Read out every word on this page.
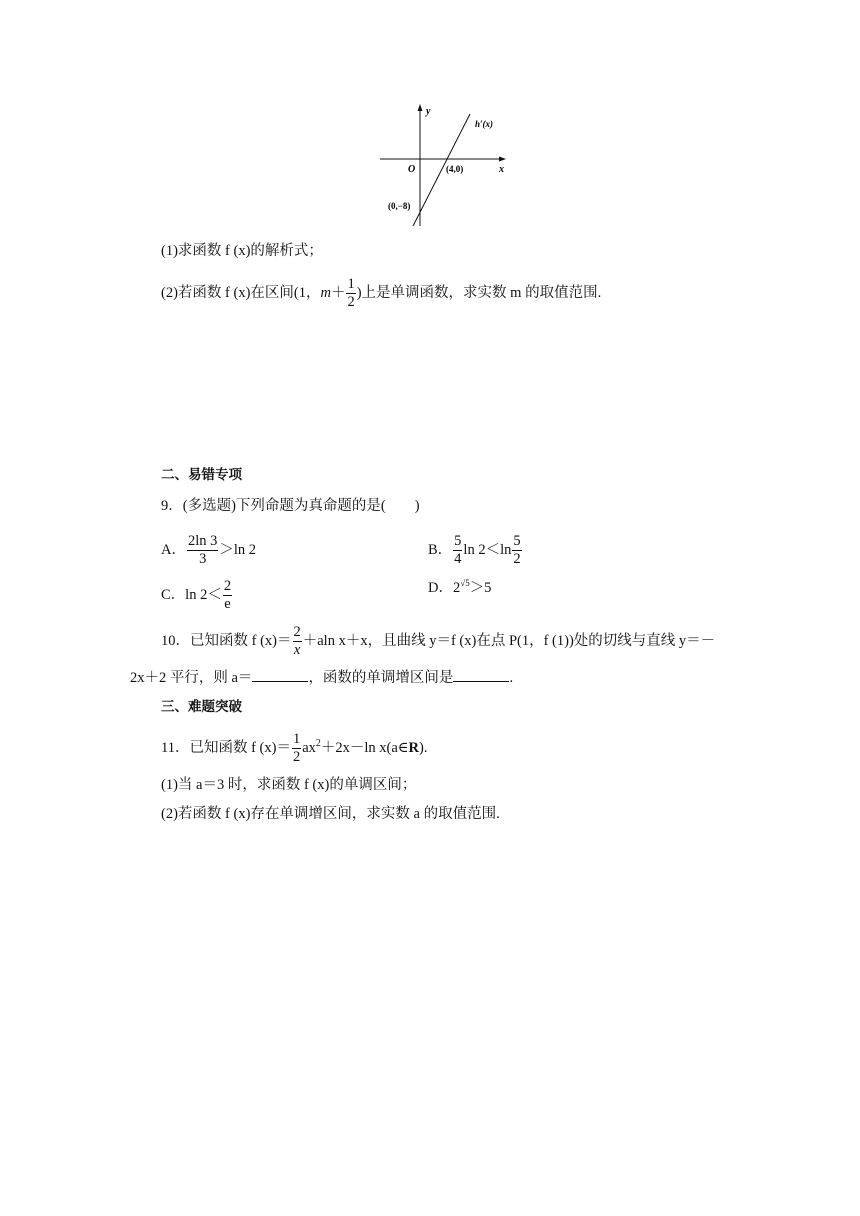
y
x
O
h′(x)
(4,0)
(0,−8)
(1)求函数 f (x)的解析式；
(2)若函数 f (x)在区间(1，$m+ \frac{1}{2}$ )上是单调函数，求实数 m 的取值范围.
二、易错专项
9．(多选题)下列命题为真命题的是(　　)
A． $\frac{2\ln 3}{3} >\ln$ 2	B． $\frac{5}{4}$ $\ln 2<\ln \frac{5}{2}$
C．$\ln 2< \frac{2}{e}$	D．$2^{√5}>5$
10．已知函数 f $(x)= \frac{2}{x} +aln$ x＋x，且曲线 y＝f (x)在点 P(1，f (1))处的切线与直线 y＝－
2x＋2 平行，则 a＝	，函数的单调增区间是	.
三、难题突破
11．已知函数 f $(x)= \frac{1}{2} ax^2+2x-\ln$ x(a∈R).
(1)当 a＝3 时，求函数 f (x)的单调区间；
(2)若函数 f (x)存在单调增区间，求实数 a 的取值范围.
